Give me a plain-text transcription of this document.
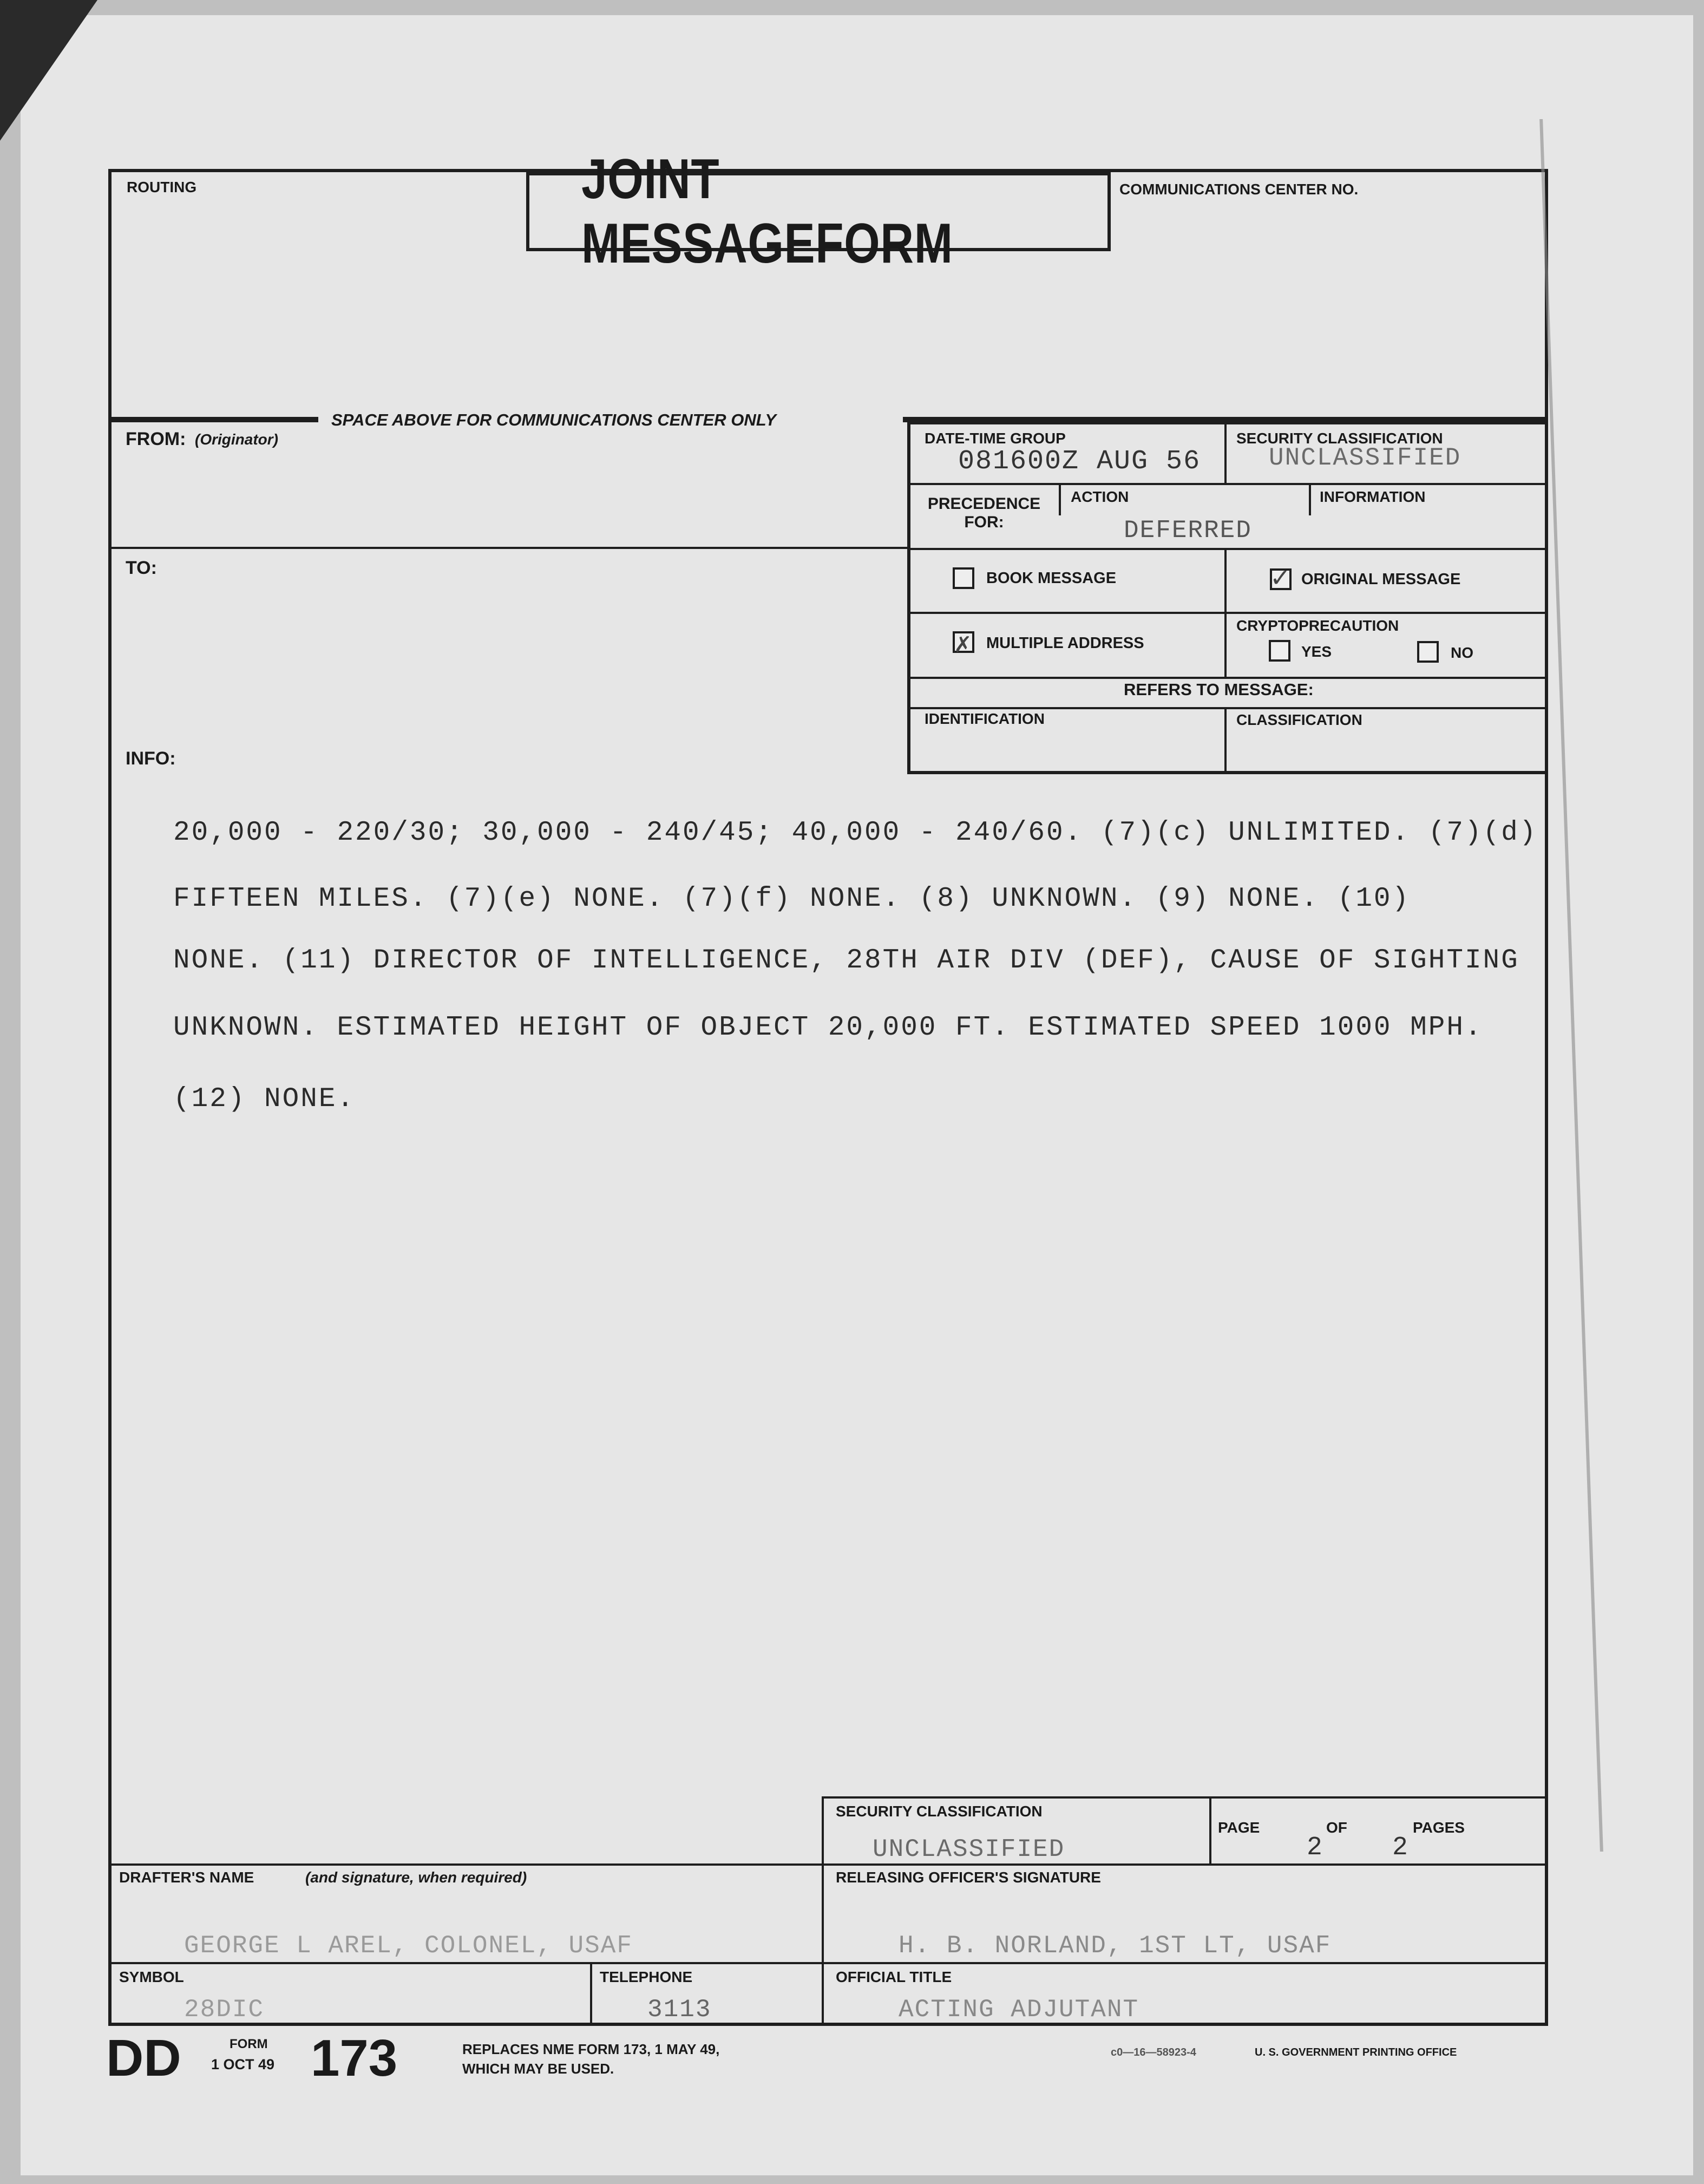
JOINT MESSAGEFORM
ROUTING	COMMUNICATIONS CENTER NO.
SPACE ABOVE FOR COMMUNICATIONS CENTER ONLY
FROM: (Originator)
TO:
INFO:
DATE-TIME GROUP
081600Z AUG 56
SECURITY CLASSIFICATION
UNCLASSIFIED
PRECEDENCE FOR:
ACTION	INFORMATION
DEFERRED
BOOK MESSAGE	✓ ORIGINAL MESSAGE
✗ MULTIPLE ADDRESS
CRYPTOPRECAUTION
YES	NO
REFERS TO MESSAGE:
IDENTIFICATION	CLASSIFICATION
20,000 - 220/30; 30,000 - 240/45; 40,000 - 240/60. (7)(c) UNLIMITED. (7)(d)
FIFTEEN MILES. (7)(e) NONE. (7)(f) NONE. (8) UNKNOWN. (9) NONE. (10)
NONE. (11) DIRECTOR OF INTELLIGENCE, 28TH AIR DIV (DEF), CAUSE OF SIGHTING
UNKNOWN. ESTIMATED HEIGHT OF OBJECT 20,000 FT. ESTIMATED SPEED 1000 MPH.
(12) NONE.
SECURITY CLASSIFICATION
UNCLASSIFIED
PAGE	OF	PAGES
2	2
DRAFTER'S NAME	(and signature, when required)
GEORGE L AREL, COLONEL, USAF
RELEASING OFFICER'S SIGNATURE
H. B. NORLAND, 1ST LT, USAF
SYMBOL
28DIC
TELEPHONE
3113
OFFICIAL TITLE
ACTING ADJUTANT
DD	FORM
1 OCT 49 173	REPLACES NME FORM 173, 1 MAY 49,
WHICH MAY BE USED.
c0—16—58923-4	U. S. GOVERNMENT PRINTING OFFICE
